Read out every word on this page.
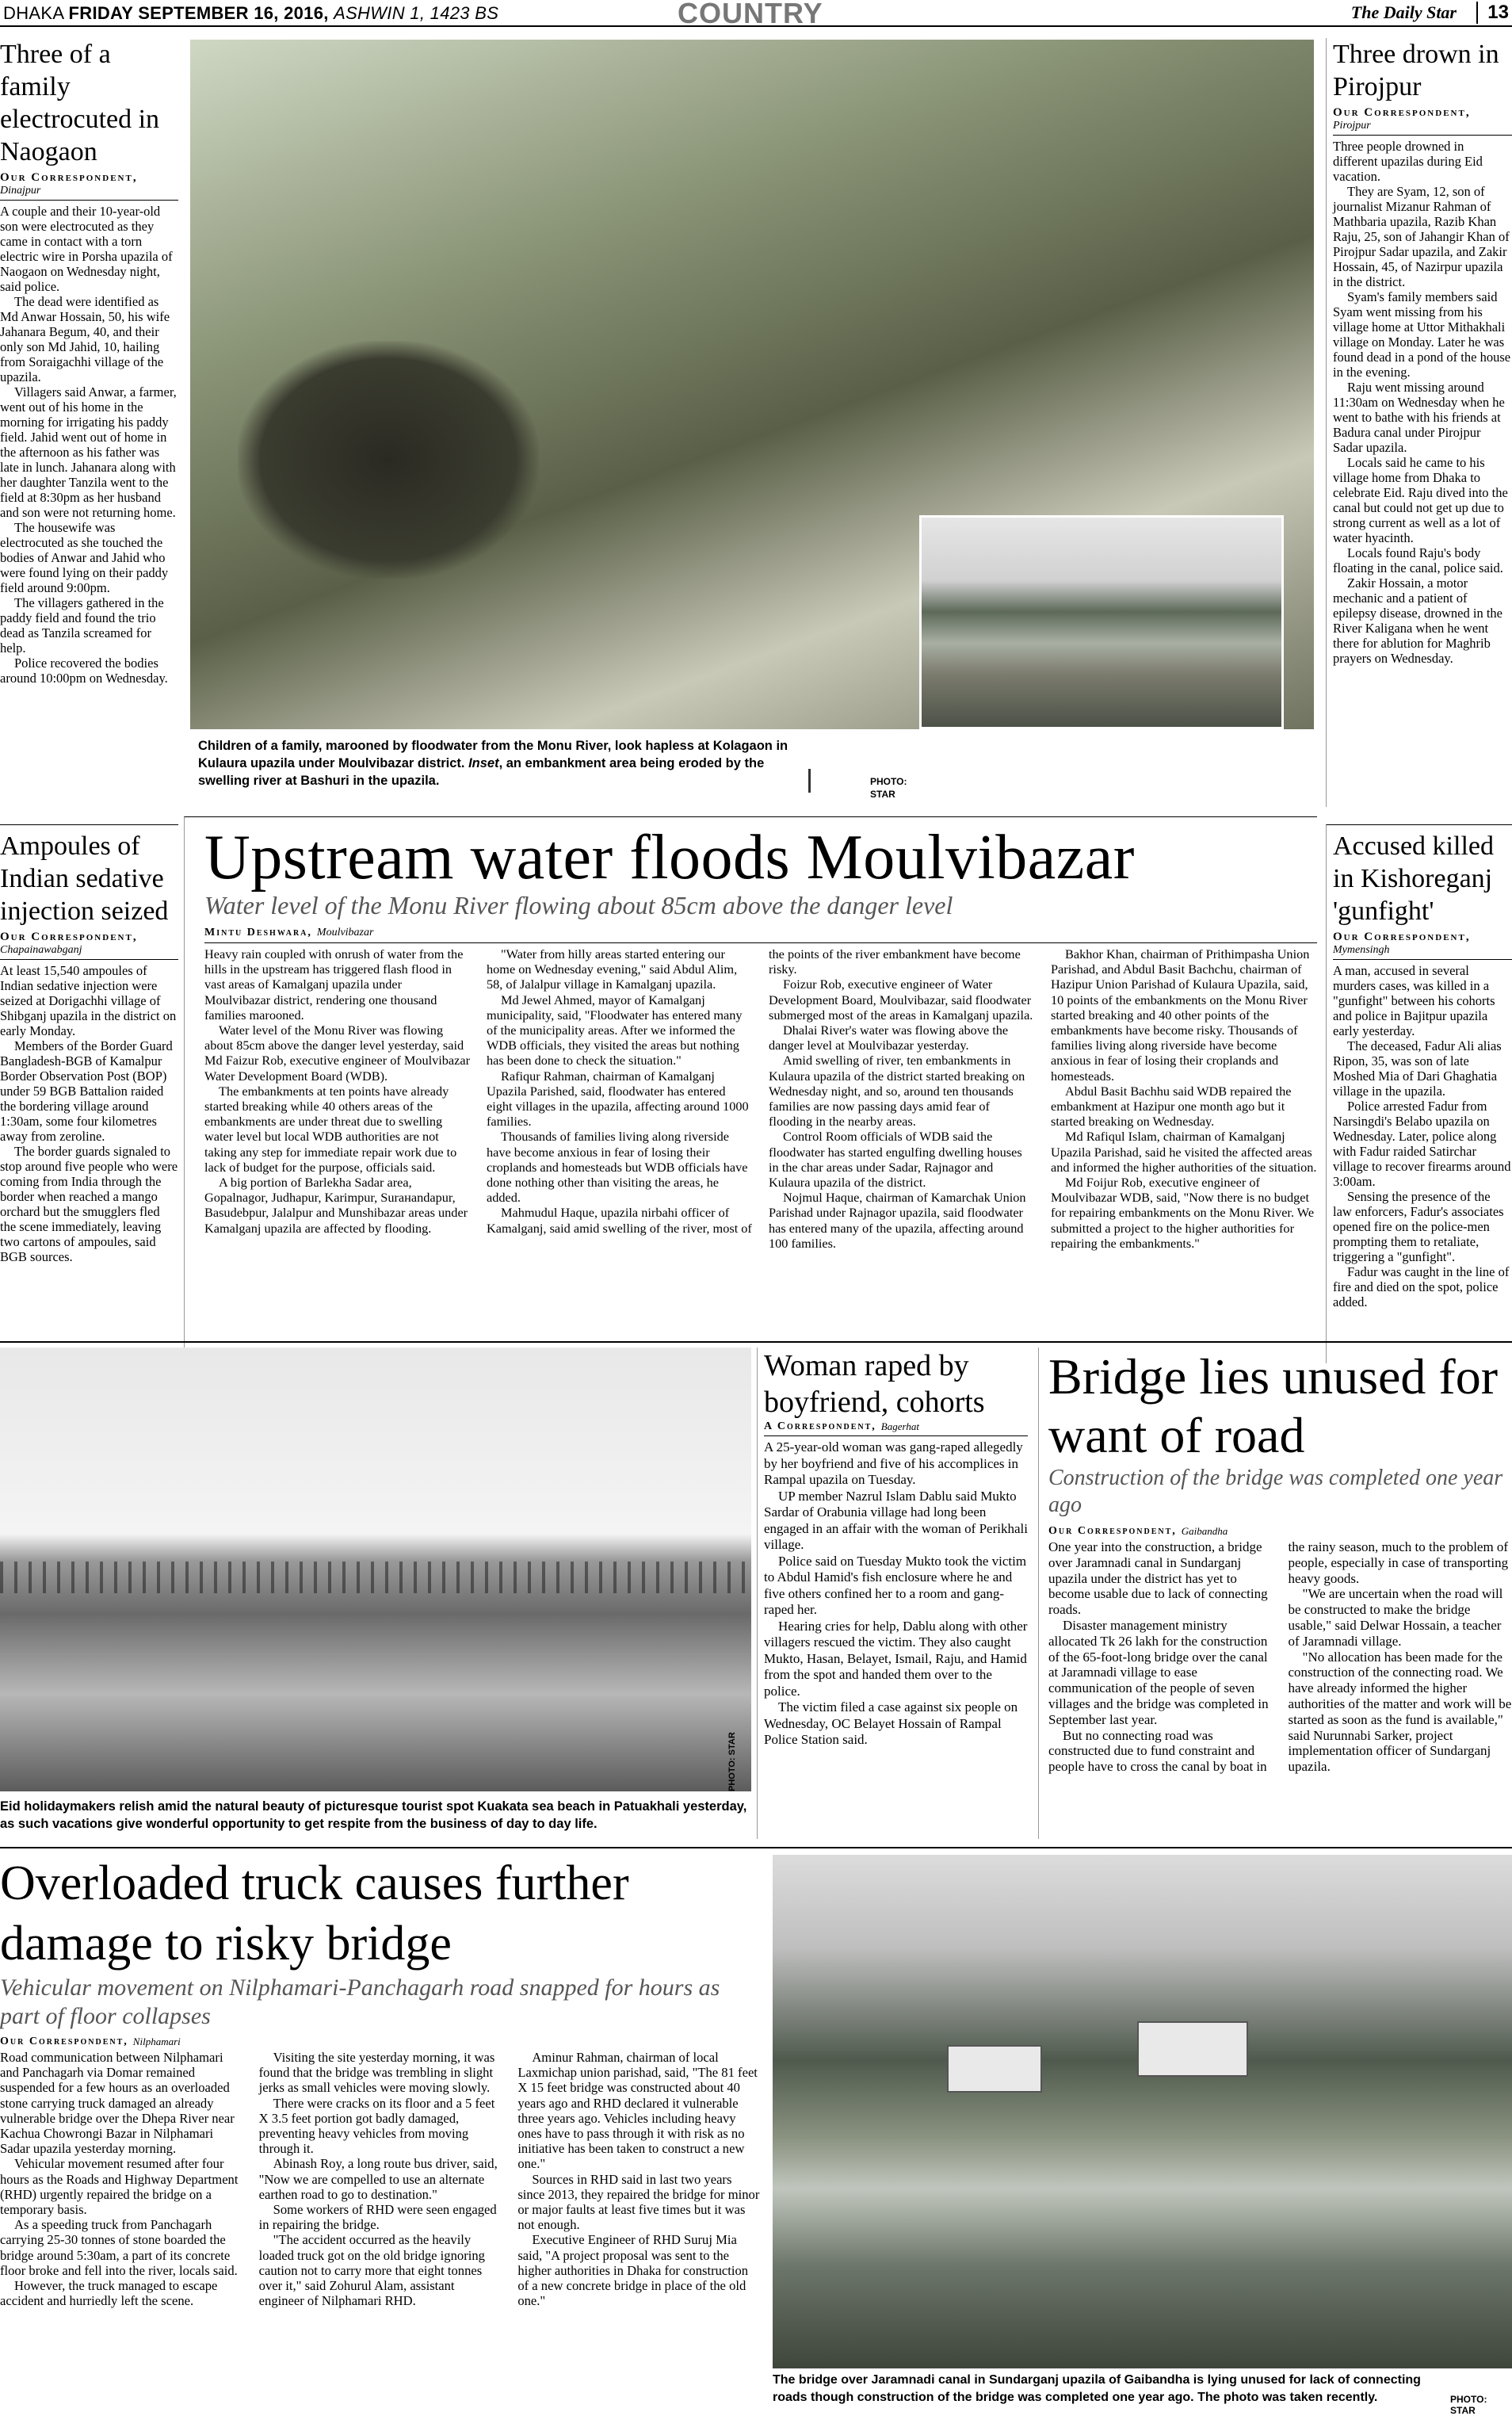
DHAKA FRIDAY SEPTEMBER 16, 2016, ASHWIN 1, 1423 BS	COUNTRY	The Daily Star	13
Three of a family electrocuted in Naogaon
Our Correspondent,
Dinajpur

A couple and their 10-year-old son were electrocuted as they came in contact with a torn electric wire in Porsha upazila of Naogaon on Wednesday night, said police.

The dead were identified as Md Anwar Hossain, 50, his wife Jahanara Begum, 40, and their only son Md Jahid, 10, hailing from Soraigachhi village of the upazila.

Villagers said Anwar, a farmer, went out of his home in the morning for irrigating his paddy field. Jahid went out of home in the afternoon as his father was late in lunch. Jahanara along with her daughter Tanzila went to the field at 8:30pm as her husband and son were not returning home.

The housewife was electrocuted as she touched the bodies of Anwar and Jahid who were found lying on their paddy field around 9:00pm.

The villagers gathered in the paddy field and found the trio dead as Tanzila screamed for help.

Police recovered the bodies around 10:00pm on Wednesday.

Ampoules of Indian sedative injection seized
Our Correspondent,
Chapainawabganj

At least 15,540 ampoules of Indian sedative injection were seized at Dorigachhi village of Shibganj upazila in the district on early Monday.

Members of the Border Guard Bangladesh-BGB of Kamalpur Border Observation Post (BOP) under 59 BGB Battalion raided the bordering village around 1:30am, some four kilometres away from zeroline.

The border guards signaled to stop around five people who were coming from India through the border when reached a mango orchard but the smugglers fled the scene immediately, leaving two cartons of ampoules, said BGB sources.

Children of a family, marooned by floodwater from the Monu River, look hapless at Kolagaon in Kulaura upazila under Moulvibazar district. Inset, an embankment area being eroded by the swelling river at Bashuri in the upazila.	PHOTO:
STAR
Three drown in Pirojpur
Our Correspondent,
Pirojpur

Three people drowned in different upazilas during Eid vacation.

They are Syam, 12, son of journalist Mizanur Rahman of Mathbaria upazila, Razib Khan Raju, 25, son of Jahangir Khan of Pirojpur Sadar upazila, and Zakir Hossain, 45, of Nazirpur upazila in the district.

Syam's family members said Syam went missing from his village home at Uttor Mithakhali village on Monday. Later he was found dead in a pond of the house in the evening.

Raju went missing around 11:30am on Wednesday when he went to bathe with his friends at Badura canal under Pirojpur Sadar upazila.

Locals said he came to his village home from Dhaka to celebrate Eid. Raju dived into the canal but could not get up due to strong current as well as a lot of water hyacinth.

Locals found Raju's body floating in the canal, police said.

Zakir Hossain, a motor mechanic and a patient of epilepsy disease, drowned in the River Kaligana when he went there for ablution for Maghrib prayers on Wednesday.

Accused killed in Kishoreganj 'gunfight'
Our Correspondent,
Mymensingh

A man, accused in several murders cases, was killed in a "gunfight" between his cohorts and police in Bajitpur upazila early yesterday.

The deceased, Fadur Ali alias Ripon, 35, was son of late Moshed Mia of Dari Ghaghatia village in the upazila.

Police arrested Fadur from Narsingdi's Belabo upazila on Wednesday. Later, police along with Fadur raided Satirchar village to recover firearms around 3:00am.

Sensing the presence of the law enforcers, Fadur's associates opened fire on the police-men prompting them to retaliate, triggering a "gunfight".

Fadur was caught in the line of fire and died on the spot, police added.

Upstream water floods Moulvibazar
Water level of the Monu River flowing about 85cm above the danger level
Mintu Deshwara, Moulvibazar

Heavy rain coupled with onrush of water from the hills in the upstream has triggered flash flood in vast areas of Kamalganj upazila under Moulvibazar district, rendering one thousand families marooned.

Water level of the Monu River was flowing about 85cm above the danger level yesterday, said Md Faizur Rob, executive engineer of Moulvibazar Water Development Board (WDB).

The embankments at ten points have already started breaking while 40 others areas of the embankments are under threat due to swelling water level but local WDB authorities are not taking any step for immediate repair work due to lack of budget for the purpose, officials said.

A big portion of Barlekha Sadar area, Gopalnagor, Judhapur, Karimpur, Surанandapur, Basudebpur, Jalalpur and Munshibazar areas under Kamalganj upazila are affected by flooding.

"Water from hilly areas started entering our home on Wednesday evening," said Abdul Alim, 58, of Jalalpur village in Kamalganj upazila.

Md Jewel Ahmed, mayor of Kamalganj municipality, said, "Floodwater has entered many of the municipality areas. After we informed the WDB officials, they visited the areas but nothing has been done to check the situation."

Rafiqur Rahman, chairman of Kamalganj Upazila Parished, said, floodwater has entered eight villages in the upazila, affecting around 1000 families.

Thousands of families living along riverside have become anxious in fear of losing their croplands and homesteads but WDB officials have done nothing other than visiting the areas, he added.

Mahmudul Haque, upazila nirbahi officer of Kamalganj, said amid swelling of the river, most of the points of the river embankment have become risky.

Foizur Rob, executive engineer of Water Development Board, Moulvibazar, said floodwater submerged most of the areas in Kamalganj upazila.

Dhalai River's water was flowing above the danger level at Moulvibazar yesterday.

Amid swelling of river, ten embankments in Kulaura upazila of the district started breaking on Wednesday night, and so, around ten thousands families are now passing days amid fear of flooding in the nearby areas.

Control Room officials of WDB said the floodwater has started engulfing dwelling houses in the char areas under Sadar, Rajnagor and Kulaura upazila of the district.

Nojmul Haque, chairman of Kamarchak Union Parishad under Rajnagor upazila, said floodwater has entered many of the upazila, affecting around 100 families.

Bakhor Khan, chairman of Prithimpasha Union Parishad, and Abdul Basit Bachchu, chairman of Hazipur Union Parishad of Kulaura Upazila, said, 10 points of the embankments on the Monu River started breaking and 40 other points of the embankments have become risky. Thousands of families living along riverside have become anxious in fear of losing their croplands and homesteads.

Abdul Basit Bachhu said WDB repaired the embankment at Hazipur one month ago but it started breaking on Wednesday.

Md Rafiqul Islam, chairman of Kamalganj Upazila Parishad, said he visited the affected areas and informed the higher authorities of the situation.

Md Foijur Rob, executive engineer of Moulvibazar WDB, said, "Now there is no budget for repairing embankments on the Monu River. We submitted a project to the higher authorities for repairing the embankments."

PHOTO: STAR
Eid holidaymakers relish amid the natural beauty of picturesque tourist spot Kuakata sea beach in Patuakhali yesterday, as such vacations give wonderful opportunity to get respite from the business of day to day life.
Woman raped by boyfriend, cohorts
A Correspondent, Bagerhat

A 25-year-old woman was gang-raped allegedly by her boyfriend and five of his accomplices in Rampal upazila on Tuesday.

UP member Nazrul Islam Dablu said Mukto Sardar of Orabunia village had long been engaged in an affair with the woman of Perikhali village.

Police said on Tuesday Mukto took the victim to Abdul Hamid's fish enclosure where he and five others confined her to a room and gang-raped her.

Hearing cries for help, Dablu along with other villagers rescued the victim. They also caught Mukto, Hasan, Belayet, Ismail, Raju, and Hamid from the spot and handed them over to the police.

The victim filed a case against six people on Wednesday, OC Belayet Hossain of Rampal Police Station said.

Bridge lies unused for want of road
Construction of the bridge was completed one year ago
Our Correspondent, Gaibandha

One year into the construction, a bridge over Jaramnadi canal in Sundarganj upazila under the district has yet to become usable due to lack of connecting roads.

Disaster management ministry allocated Tk 26 lakh for the construction of the 65-foot-long bridge over the canal at Jaramnadi village to ease communication of the people of seven villages and the bridge was completed in September last year.

But no connecting road was constructed due to fund constraint and people have to cross the canal by boat in the rainy season, much to the problem of people, especially in case of transporting heavy goods.

"We are uncertain when the road will be constructed to make the bridge usable," said Delwar Hossain, a teacher of Jaramnadi village.

"No allocation has been made for the construction of the connecting road. We have already informed the higher authorities of the matter and work will be started as soon as the fund is available," said Nurunnabi Sarker, project implementation officer of Sundarganj upazila.

Overloaded truck causes further damage to risky bridge
Vehicular movement on Nilphamari-Panchagarh road snapped for hours as part of floor collapses
Our Correspondent, Nilphamari

Road communication between Nilphamari and Panchagarh via Domar remained suspended for a few hours as an overloaded stone carrying truck damaged an already vulnerable bridge over the Dhepa River near Kachua Chowrongi Bazar in Nilphamari Sadar upazila yesterday morning.

Vehicular movement resumed after four hours as the Roads and Highway Department (RHD) urgently repaired the bridge on a temporary basis.

As a speeding truck from Panchagarh carrying 25-30 tonnes of stone boarded the bridge around 5:30am, a part of its concrete floor broke and fell into the river, locals said.

However, the truck managed to escape accident and hurriedly left the scene.

Visiting the site yesterday morning, it was found that the bridge was trembling in slight jerks as small vehicles were moving slowly.

There were cracks on its floor and a 5 feet X 3.5 feet portion got badly damaged, preventing heavy vehicles from moving through it.

Abinash Roy, a long route bus driver, said, "Now we are compelled to use an alternate earthen road to go to destination."

Some workers of RHD were seen engaged in repairing the bridge.

"The accident occurred as the heavily loaded truck got on the old bridge ignoring caution not to carry more that eight tonnes over it," said Zohurul Alam, assistant engineer of Nilphamari RHD.

Aminur Rahman, chairman of local Laxmichap union parishad, said, "The 81 feet X 15 feet bridge was constructed about 40 years ago and RHD declared it vulnerable three years ago. Vehicles including heavy ones have to pass through it with risk as no initiative has been taken to construct a new one."

Sources in RHD said in last two years since 2013, they repaired the bridge for minor or major faults at least five times but it was not enough.

Executive Engineer of RHD Suruj Mia said, "A project proposal was sent to the higher authorities in Dhaka for construction of a new concrete bridge in place of the old one."

The bridge over Jaramnadi canal in Sundarganj upazila of Gaibandha is lying unused for lack of connecting roads though construction of the bridge was completed one year ago. The photo was taken recently.	PHOTO: STAR
